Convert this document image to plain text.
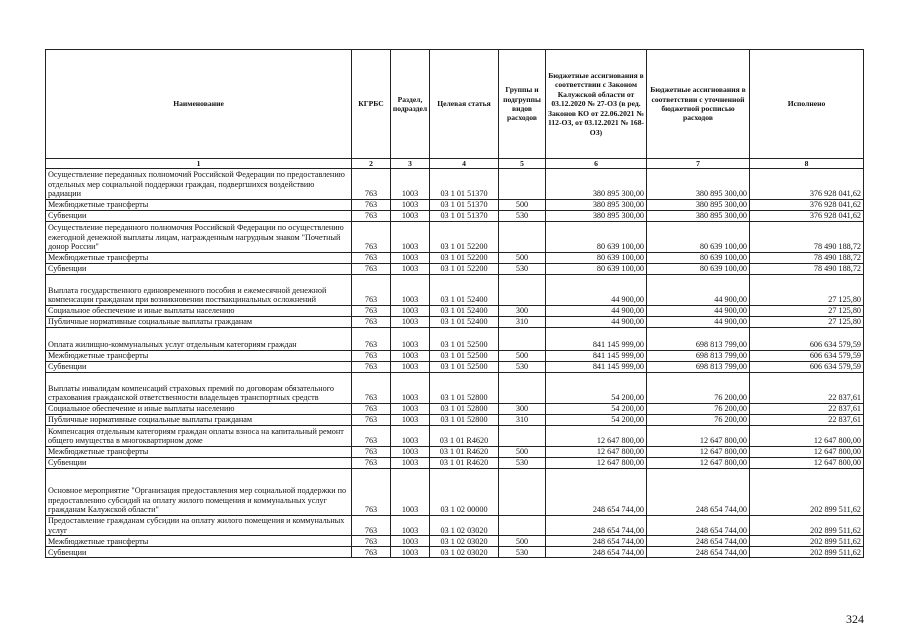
Наименование	КГРБС	Раздел, подраздел	Целевая статья	Группы и подгруппы видов расходов	Бюджетные ассигнования в соответствии с Законом Калужской области от 03.12.2020 № 27-ОЗ (в ред. Законов КО от 22.06.2021 № 112-ОЗ, от 03.12.2021 № 168-ОЗ)	Бюджетные ассигнования в соответствии с уточненной бюджетной росписью расходов	Исполнено
1	2	3	4	5	6	7	8
Осуществление переданных полномочий Российской Федерации по предоставлению отдельных мер социальной поддержки граждан, подвергшихся воздействию радиации	763	1003	03 1 01 51370		380 895 300,00	380 895 300,00	376 928 041,62
Межбюджетные трансферты	763	1003	03 1 01 51370	500	380 895 300,00	380 895 300,00	376 928 041,62
Субвенции	763	1003	03 1 01 51370	530	380 895 300,00	380 895 300,00	376 928 041,62
Осуществление переданного полномочия Российской Федерации по осуществлению ежегодной денежной выплаты лицам, награжденным нагрудным знаком "Почетный донор России"	763	1003	03 1 01 52200		80 639 100,00	80 639 100,00	78 490 188,72
Межбюджетные трансферты	763	1003	03 1 01 52200	500	80 639 100,00	80 639 100,00	78 490 188,72
Субвенции	763	1003	03 1 01 52200	530	80 639 100,00	80 639 100,00	78 490 188,72
Выплата государственного единовременного пособия и ежемесячной денежной компенсации гражданам при возникновении поствакцинальных осложнений	763	1003	03 1 01 52400		44 900,00	44 900,00	27 125,80
Социальное обеспечение и иные выплаты населению	763	1003	03 1 01 52400	300	44 900,00	44 900,00	27 125,80
Публичные нормативные социальные выплаты гражданам	763	1003	03 1 01 52400	310	44 900,00	44 900,00	27 125,80
Оплата жилищно-коммунальных услуг отдельным категориям граждан	763	1003	03 1 01 52500		841 145 999,00	698 813 799,00	606 634 579,59
Межбюджетные трансферты	763	1003	03 1 01 52500	500	841 145 999,00	698 813 799,00	606 634 579,59
Субвенции	763	1003	03 1 01 52500	530	841 145 999,00	698 813 799,00	606 634 579,59
Выплаты инвалидам компенсаций страховых премий по договорам обязательного страхования гражданской ответственности владельцев транспортных средств	763	1003	03 1 01 52800		54 200,00	76 200,00	22 837,61
Социальное обеспечение и иные выплаты населению	763	1003	03 1 01 52800	300	54 200,00	76 200,00	22 837,61
Публичные нормативные социальные выплаты гражданам	763	1003	03 1 01 52800	310	54 200,00	76 200,00	22 837,61
Компенсация отдельным категориям граждан оплаты взноса на капитальный ремонт общего имущества в многоквартирном доме	763	1003	03 1 01 R4620		12 647 800,00	12 647 800,00	12 647 800,00
Межбюджетные трансферты	763	1003	03 1 01 R4620	500	12 647 800,00	12 647 800,00	12 647 800,00
Субвенции	763	1003	03 1 01 R4620	530	12 647 800,00	12 647 800,00	12 647 800,00
Основное мероприятие "Организация предоставления мер социальной поддержки по предоставлению субсидий на оплату жилого помещения и коммунальных услуг гражданам Калужской области"	763	1003	03 1 02 00000		248 654 744,00	248 654 744,00	202 899 511,62
Предоставление гражданам субсидии на оплату жилого помещения и коммунальных услуг	763	1003	03 1 02 03020		248 654 744,00	248 654 744,00	202 899 511,62
Межбюджетные трансферты	763	1003	03 1 02 03020	500	248 654 744,00	248 654 744,00	202 899 511,62
Субвенции	763	1003	03 1 02 03020	530	248 654 744,00	248 654 744,00	202 899 511,62
324
